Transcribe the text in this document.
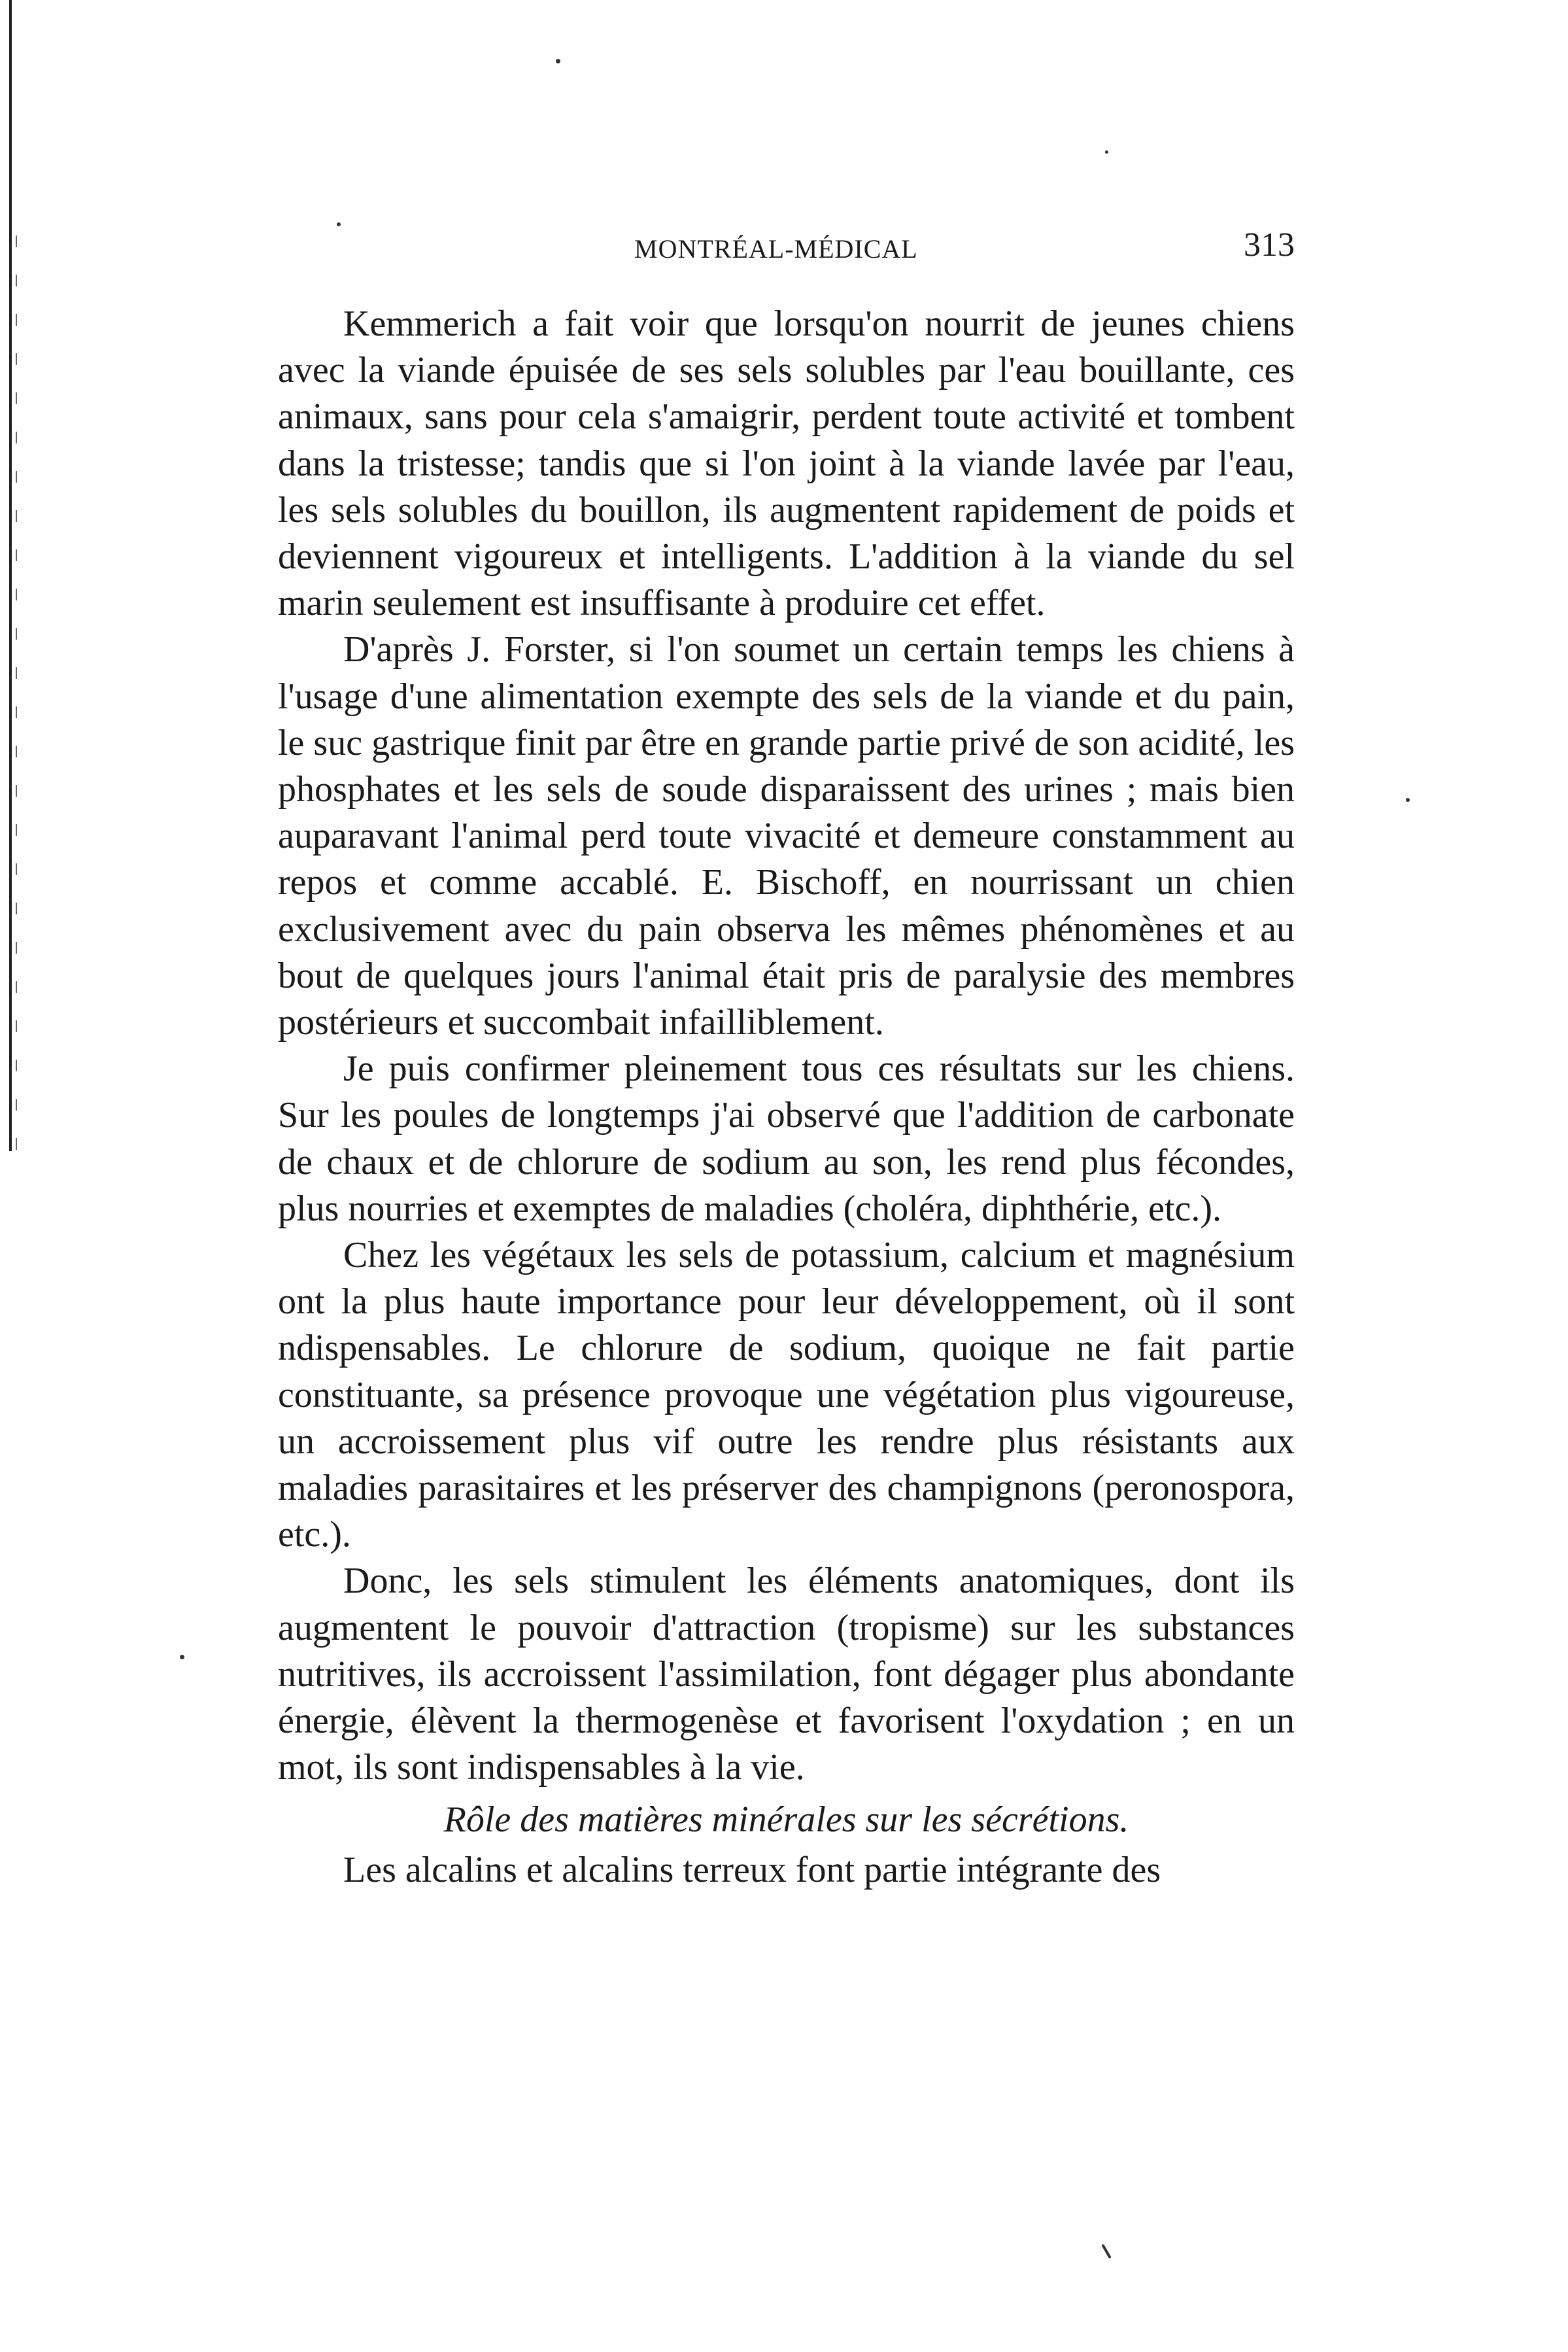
MONTRÉAL-MÉDICAL	313

Kemmerich a fait voir que lorsqu'on nourrit de jeunes chiens avec la viande épuisée de ses sels solubles par l'eau bouillante, ces animaux, sans pour cela s'amaigrir, perdent toute activité et tombent dans la tristesse; tandis que si l'on joint à la viande lavée par l'eau, les sels solubles du bouillon, ils augmentent rapidement de poids et deviennent vigoureux et intelligents. L'addition à la viande du sel marin seulement est insuffisante à produire cet effet.

D'après J. Forster, si l'on soumet un certain temps les chiens à l'usage d'une alimentation exempte des sels de la viande et du pain, le suc gastrique finit par être en grande partie privé de son acidité, les phosphates et les sels de soude disparaissent des urines ; mais bien auparavant l'animal perd toute vivacité et demeure constamment au repos et comme accablé. E. Bischoff, en nourrissant un chien exclusivement avec du pain observa les mêmes phénomènes et au bout de quelques jours l'animal était pris de paralysie des membres postérieurs et succombait infailliblement.

Je puis confirmer pleinement tous ces résultats sur les chiens. Sur les poules de longtemps j'ai observé que l'addition de carbonate de chaux et de chlorure de sodium au son, les rend plus fécondes, plus nourries et exemptes de maladies (choléra, diphthérie, etc.).

Chez les végétaux les sels de potassium, calcium et magnésium ont la plus haute importance pour leur développement, où il sont ndispensables. Le chlorure de sodium, quoique ne fait partie constituante, sa présence provoque une végétation plus vigoureuse, un accroissement plus vif outre les rendre plus résistants aux maladies parasitaires et les préserver des champignons (peronospora, etc.).

Donc, les sels stimulent les éléments anatomiques, dont ils augmentent le pouvoir d'attraction (tropisme) sur les substances nutritives, ils accroissent l'assimilation, font dégager plus abondante énergie, élèvent la thermogenèse et favorisent l'oxydation ; en un mot, ils sont indispensables à la vie.

Rôle des matières minérales sur les sécrétions.

Les alcalins et alcalins terreux font partie intégrante des
